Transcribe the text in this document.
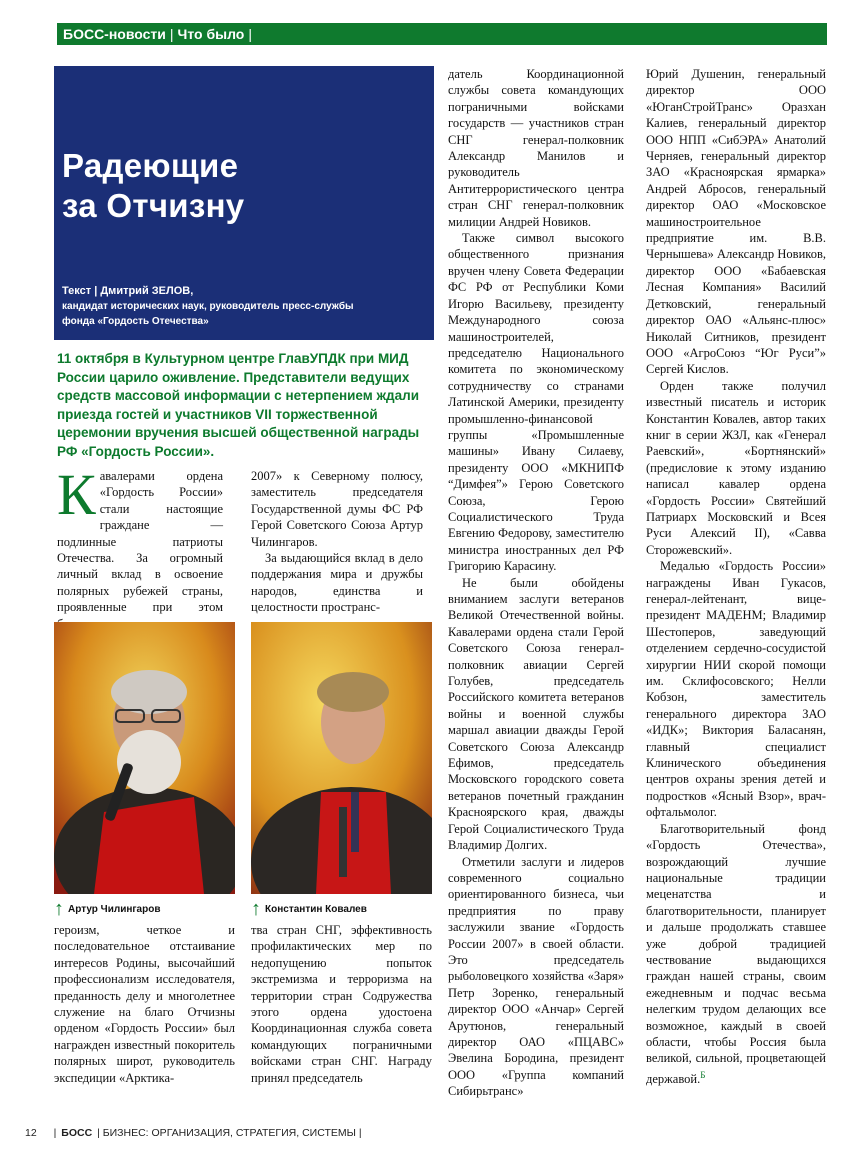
БОСС-новости | Что было |
Радеющие
за Отчизну
Текст | Дмитрий ЗЕЛОВ,
кандидат исторических наук, руководитель пресс-службы
фонда «Гордость Отечества»
11 октября в Культурном центре ГлавУПДК при МИД России царило оживление. Представители ведущих средств массовой информации с нетерпением ждали приезда гостей и участников VII торжественной церемонии вручения высшей общественной награды РФ «Гордость России».

Кавалерами ордена «Гордость России» стали настоящие граждане — подлинные патриоты Отечества. За огромный личный вклад в освоение полярных рубежей страны, проявленные при этом

2007» к Северному полюсу, заместитель председателя Государственной думы ФС РФ Герой Советского Союза Артур Чилингаров.

За выдающийся вклад в дело поддержания мира и дружбы народов, единства и целостности пространс-

↑ Артур Чилингаров	↑ Константин Ковалев

героизм, четкое и последовательное отстаивание интересов Родины, высочайший профессионализм исследователя, преданность делу и многолетнее служение на благо Отчизны орденом «Гордость России» был награжден известный покоритель полярных широт, руководитель экспедиции «Арктика-

тва стран СНГ, эффективность профилактических мер по недопущению попыток экстремизма и терроризма на территории стран Содружества этого ордена удостоена Координационная служба совета командующих пограничными войсками стран СНГ. Награду принял председатель

датель Координационной службы совета командующих пограничными войсками государств — участников стран СНГ генерал-полковник Александр Манилов и руководитель Антитеррористического центра стран СНГ генерал-полковник милиции Андрей Новиков.

Также символ высокого общественного признания вручен члену Совета Федерации ФС РФ от Республики Коми Игорю Васильеву, президенту Международного союза машиностроителей, председателю Национального комитета по экономическому сотрудничеству со странами Латинской Америки, президенту промышленно-финансовой группы «Промышленные машины» Ивану Силаеву, президенту ООО «МКНИПФ “Димфея”» Герою Советского Союза, Герою Социалистического Труда Евгению Федорову, заместителю министра иностранных дел РФ Григорию Карасину.

Не были обойдены вниманием заслуги ветеранов Великой Отечественной войны. Кавалерами ордена стали Герой Советского Союза генерал-полковник авиации Сергей Голубев, председатель Российского комитета ветеранов войны и военной службы маршал авиации дважды Герой Советского Союза Александр Ефимов, председатель Московского городского совета ветеранов почетный гражданин Красноярского края, дважды Герой Социалистического Труда Владимир Долгих.

Отметили заслуги и лидеров современного социально ориентированного бизнеса, чьи предприятия по праву заслужили звание «Гордость России 2007» в своей области. Это председатель рыболовецкого хозяйства «Заря» Петр Зоренко, генеральный директор ООО «Анчар» Сергей Арутюнов, генеральный директор ОАО «ПЦАВС» Эвелина Бородина, президент ООО «Группа компаний Сибирьтранс»

Юрий Душенин, генеральный директор ООО «ЮганСтройТранс» Оразхан Калиев, генеральный директор ООО НПП «СибЭРА» Анатолий Черняев, генеральный директор ЗАО «Красноярская ярмарка» Андрей Абросов, генеральный директор ОАО «Московское машиностроительное предприятие им. В.В. Чернышева» Александр Новиков, директор ООО «Бабаевская Лесная Компания» Василий Детковский, генеральный директор ОАО «Альянс-плюс» Николай Ситников, президент ООО «АгроСоюз “Юг Руси”» Сергей Кислов.

Орден также получил известный писатель и историк Константин Ковалев, автор таких книг в серии ЖЗЛ, как «Генерал Раевский», «Бортнянский» (предисловие к этому изданию написал кавалер ордена «Гордость России» Святейший Патриарх Московский и Всея Руси Алексий II), «Савва Сторожевский».

Медалью «Гордость России» награждены Иван Гукасов, генерал-лейтенант, вице-президент МАДЕНМ; Владимир Шестоперов, заведующий отделением сердечно-сосудистой хирургии НИИ скорой помощи им. Склифосовского; Нелли Кобзон, заместитель генерального директора ЗАО «ИДК»; Виктория Баласанян, главный специалист Клинического объединения центров охраны зрения детей и подростков «Ясный Взор», врач-офтальмолог.

Благотворительный фонд «Гордость Отечества», возрождающий лучшие национальные традиции меценатства и благотворительности, планирует и дальше продолжать ставшее уже доброй традицией чествование выдающихся граждан нашей страны, своим ежедневным и подчас весьма нелегким трудом делающих все возможное, каждый в своей области, чтобы Россия была великой, сильной, процветающей державой.$^Б$

12 | БОСС | БИЗНЕС: ОРГАНИЗАЦИЯ, СТРАТЕГИЯ, СИСТЕМЫ |
